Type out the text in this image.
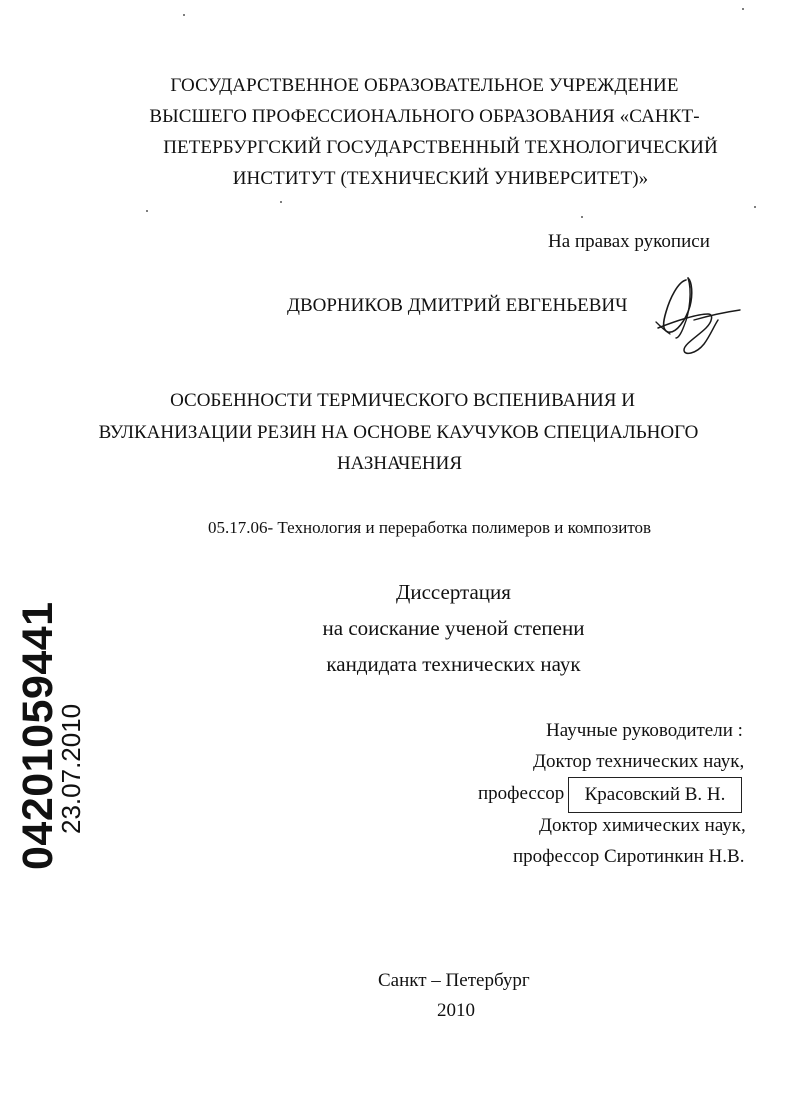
ГОСУДАРСТВЕННОЕ ОБРАЗОВАТЕЛЬНОЕ УЧРЕЖДЕНИЕ
ВЫСШЕГО ПРОФЕССИОНАЛЬНОГО ОБРАЗОВАНИЯ «САНКТ-
ПЕТЕРБУРГСКИЙ ГОСУДАРСТВЕННЫЙ ТЕХНОЛОГИЧЕСКИЙ
ИНСТИТУТ (ТЕХНИЧЕСКИЙ УНИВЕРСИТЕТ)»
На правах рукописи
ДВОРНИКОВ ДМИТРИЙ ЕВГЕНЬЕВИЧ
ОСОБЕННОСТИ ТЕРМИЧЕСКОГО ВСПЕНИВАНИЯ И
ВУЛКАНИЗАЦИИ РЕЗИН НА ОСНОВЕ КАУЧУКОВ СПЕЦИАЛЬНОГО
НАЗНАЧЕНИЯ
05.17.06- Технология и переработка полимеров и композитов
Диссертация
на соискание ученой степени
кандидата технических наук
Научные руководители :
Доктор технических наук,
профессор	Красовский В. Н.
Доктор химических наук,
профессор Сиротинкин Н.В.
Санкт – Петербург
2010
04201059441
23.07.2010
